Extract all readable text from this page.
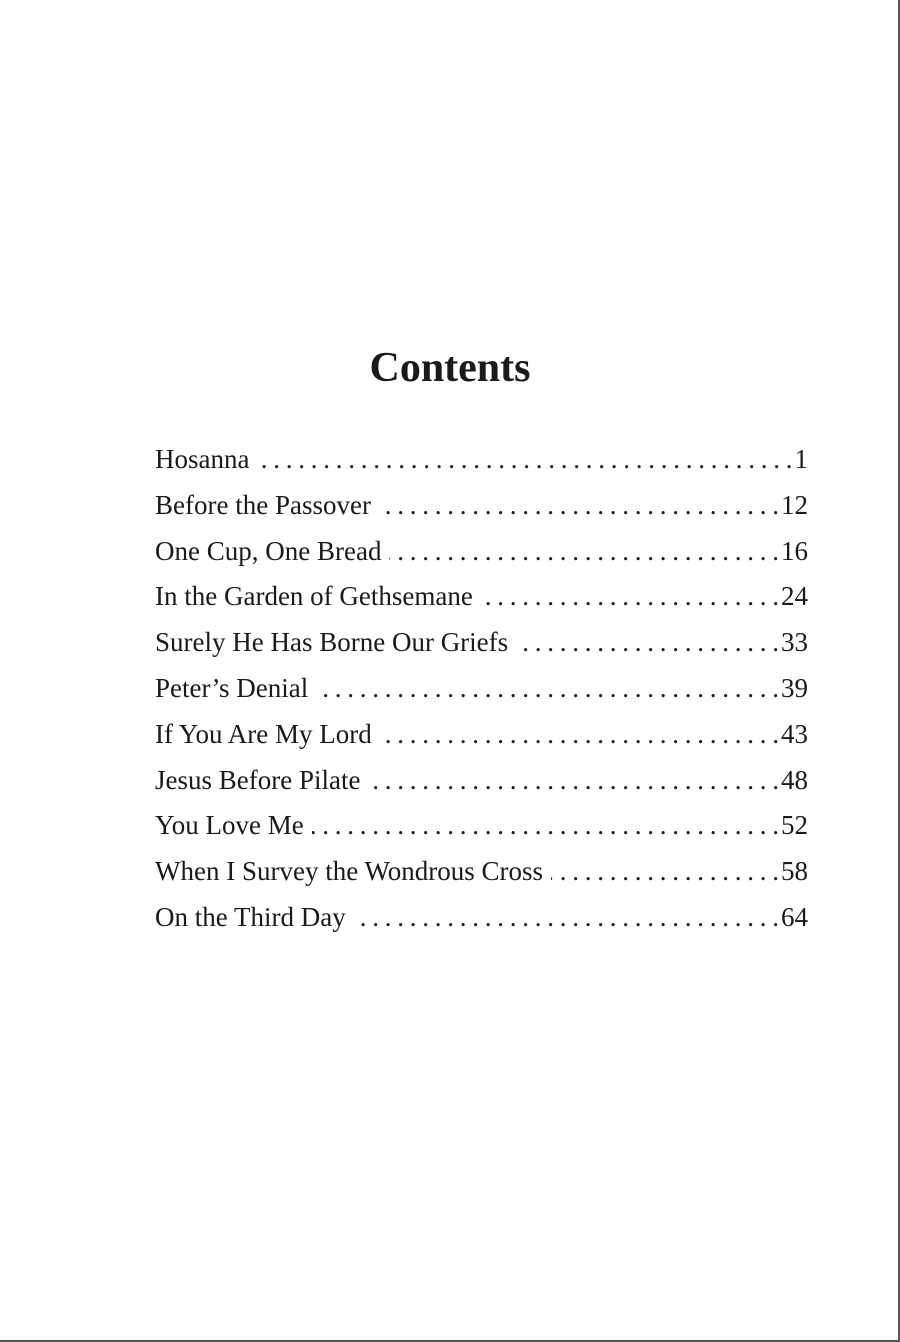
Contents
Hosanna . . .	1
Before the Passover . . .	12
One Cup, One Bread . . .	16
In the Garden of Gethsemane . . .	24
Surely He Has Borne Our Griefs . . .	33
Peter’s Denial . . .	39
If You Are My Lord . . .	43
Jesus Before Pilate . . .	48
You Love Me . . .	52
When I Survey the Wondrous Cross . . .	58
On the Third Day . . .	64
